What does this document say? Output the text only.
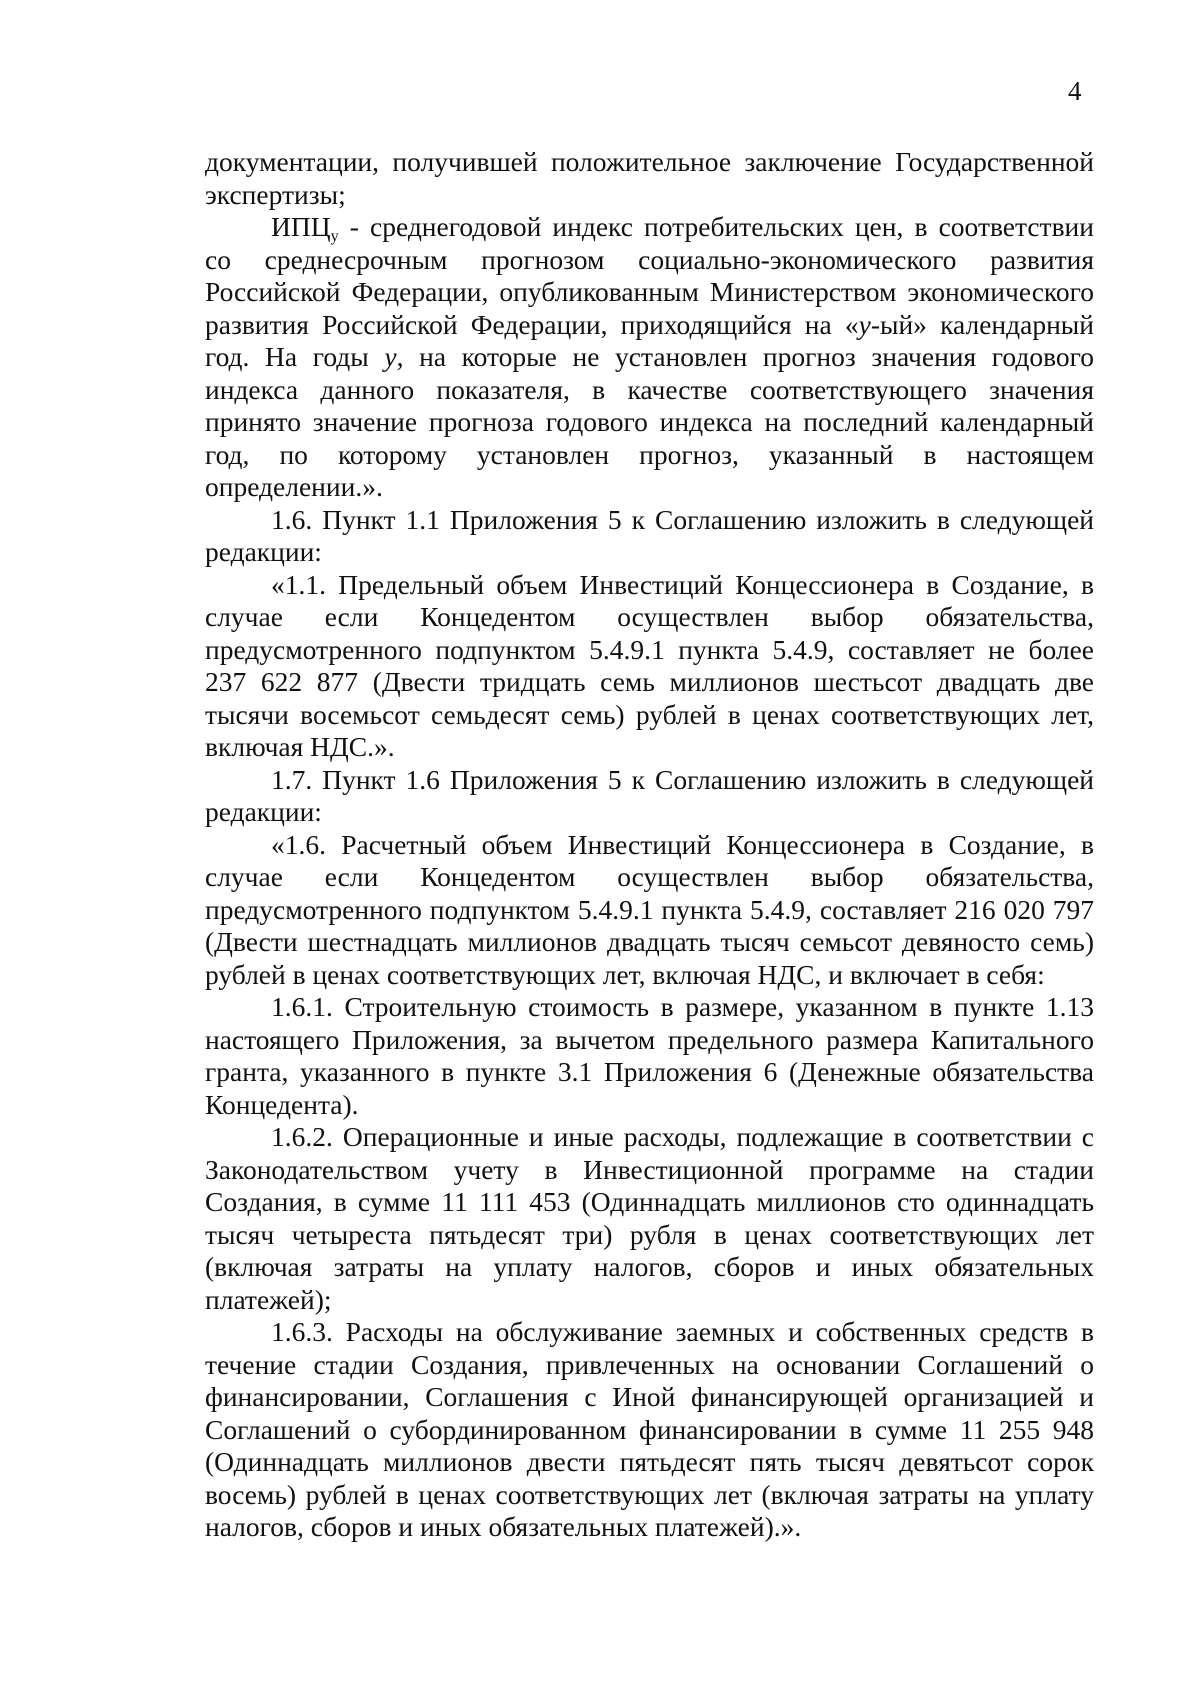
4

документации, получившей положительное заключение Государственной экспертизы;

ИПЦу - среднегодовой индекс потребительских цен, в соответствии со среднесрочным прогнозом социально-экономического развития Российской Федерации, опубликованным Министерством экономического развития Российской Федерации, приходящийся на «у-ый» календарный год. На годы у, на которые не установлен прогноз значения годового индекса данного показателя, в качестве соответствующего значения принято значение прогноза годового индекса на последний календарный год, по которому установлен прогноз, указанный в настоящем определении.».

1.6. Пункт 1.1 Приложения 5 к Соглашению изложить в следующей редакции:

«1.1. Предельный объем Инвестиций Концессионера в Создание, в случае если Концедентом осуществлен выбор обязательства, предусмотренного подпунктом 5.4.9.1 пункта 5.4.9, составляет не более 237 622 877 (Двести тридцать семь миллионов шестьсот двадцать две тысячи восемьсот семьдесят семь) рублей в ценах соответствующих лет, включая НДС.».

1.7. Пункт 1.6 Приложения 5 к Соглашению изложить в следующей редакции:

«1.6. Расчетный объем Инвестиций Концессионера в Создание, в случае если Концедентом осуществлен выбор обязательства, предусмотренного подпунктом 5.4.9.1 пункта 5.4.9, составляет 216 020 797 (Двести шестнадцать миллионов двадцать тысяч семьсот девяносто семь) рублей в ценах соответствующих лет, включая НДС, и включает в себя:

1.6.1. Строительную стоимость в размере, указанном в пункте 1.13 настоящего Приложения, за вычетом предельного размера Капитального гранта, указанного в пункте 3.1 Приложения 6 (Денежные обязательства Концедента).

1.6.2. Операционные и иные расходы, подлежащие в соответствии с Законодательством учету в Инвестиционной программе на стадии Создания, в сумме 11 111 453 (Одиннадцать миллионов сто одиннадцать тысяч четыреста пятьдесят три) рубля в ценах соответствующих лет (включая затраты на уплату налогов, сборов и иных обязательных платежей);

1.6.3. Расходы на обслуживание заемных и собственных средств в течение стадии Создания, привлеченных на основании Соглашений о финансировании, Соглашения с Иной финансирующей организацией и Соглашений о субординированном финансировании в сумме 11 255 948 (Одиннадцать миллионов двести пятьдесят пять тысяч девятьсот сорок восемь) рублей в ценах соответствующих лет (включая затраты на уплату налогов, сборов и иных обязательных платежей).».
